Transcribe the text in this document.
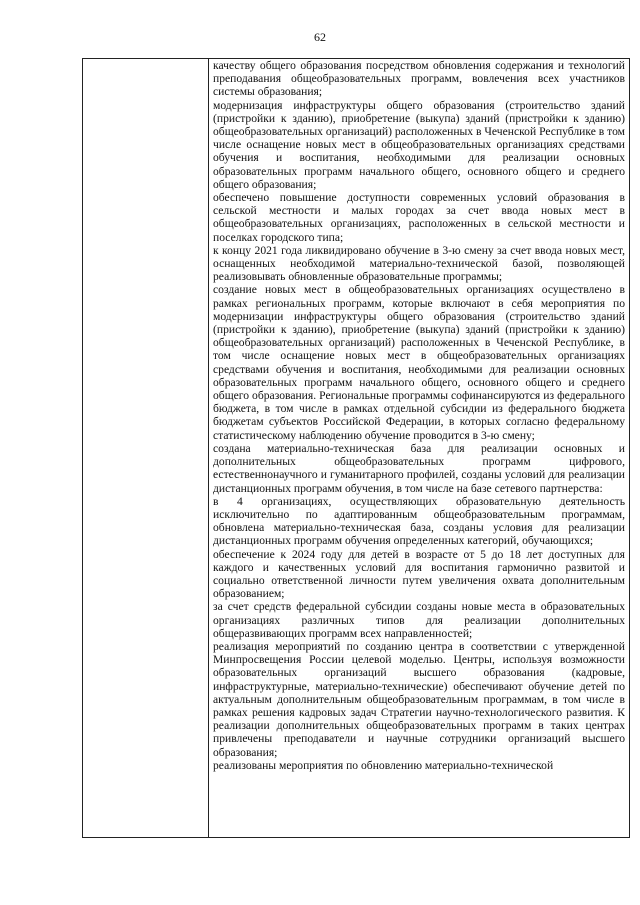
62

качеству общего образования посредством обновления содержания и технологий преподавания общеобразовательных программ, вовлечения всех участников системы образования;

модернизация инфраструктуры общего образования (строительство зданий (пристройки к зданию), приобретение (выкупа) зданий (пристройки к зданию) общеобразовательных организаций) расположенных в Чеченской Республике в том числе оснащение новых мест в общеобразовательных организациях средствами обучения и воспитания, необходимыми для реализации основных образовательных программ начального общего, основного общего и среднего общего образования;

обеспечено повышение доступности современных условий образования в сельской местности и малых городах за счет ввода новых мест в общеобразовательных организациях, расположенных в сельской местности и поселках городского типа;

к концу 2021 года ликвидировано обучение в 3-ю смену за счет ввода новых мест, оснащенных необходимой материально-технической базой, позволяющей реализовывать обновленные образовательные программы;

создание новых мест в общеобразовательных организациях осуществлено в рамках региональных программ, которые включают в себя мероприятия по модернизации инфраструктуры общего образования (строительство зданий (пристройки к зданию), приобретение (выкупа) зданий (пристройки к зданию) общеобразовательных организаций) расположенных в Чеченской Республике, в том числе оснащение новых мест в общеобразовательных организациях средствами обучения и воспитания, необходимыми для реализации основных образовательных программ начального общего, основного общего и среднего общего образования. Региональные программы софинансируются из федерального бюджета, в том числе в рамках отдельной субсидии из федерального бюджета бюджетам субъектов Российской Федерации, в которых согласно федеральному статистическому наблюдению обучение проводится в 3-ю смену;

создана материально-техническая база для реализации основных и дополнительных общеобразовательных программ цифрового, естественнонаучного и гуманитарного профилей, созданы условий для реализации дистанционных программ обучения, в том числе на базе сетевого партнерства:

в 4 организациях, осуществляющих образовательную деятельность исключительно по адаптированным общеобразовательным программам, обновлена материально-техническая база, созданы условия для реализации дистанционных программ обучения определенных категорий, обучающихся;

обеспечение к 2024 году для детей в возрасте от 5 до 18 лет доступных для каждого и качественных условий для воспитания гармонично развитой и социально ответственной личности путем увеличения охвата дополнительным образованием;

за счет средств федеральной субсидии созданы новые места в образовательных организациях различных типов для реализации дополнительных общеразвивающих программ всех направленностей;

реализация мероприятий по созданию центра в соответствии с утвержденной Минпросвещения России целевой моделью. Центры, используя возможности образовательных организаций высшего образования (кадровые, инфраструктурные, материально-технические) обеспечивают обучение детей по актуальным дополнительным общеобразовательным программам, в том числе в рамках решения кадровых задач Стратегии научно-технологического развития. К реализации дополнительных общеобразовательных программ в таких центрах привлечены преподаватели и научные сотрудники организаций высшего образования;

реализованы мероприятия по обновлению материально-технической
